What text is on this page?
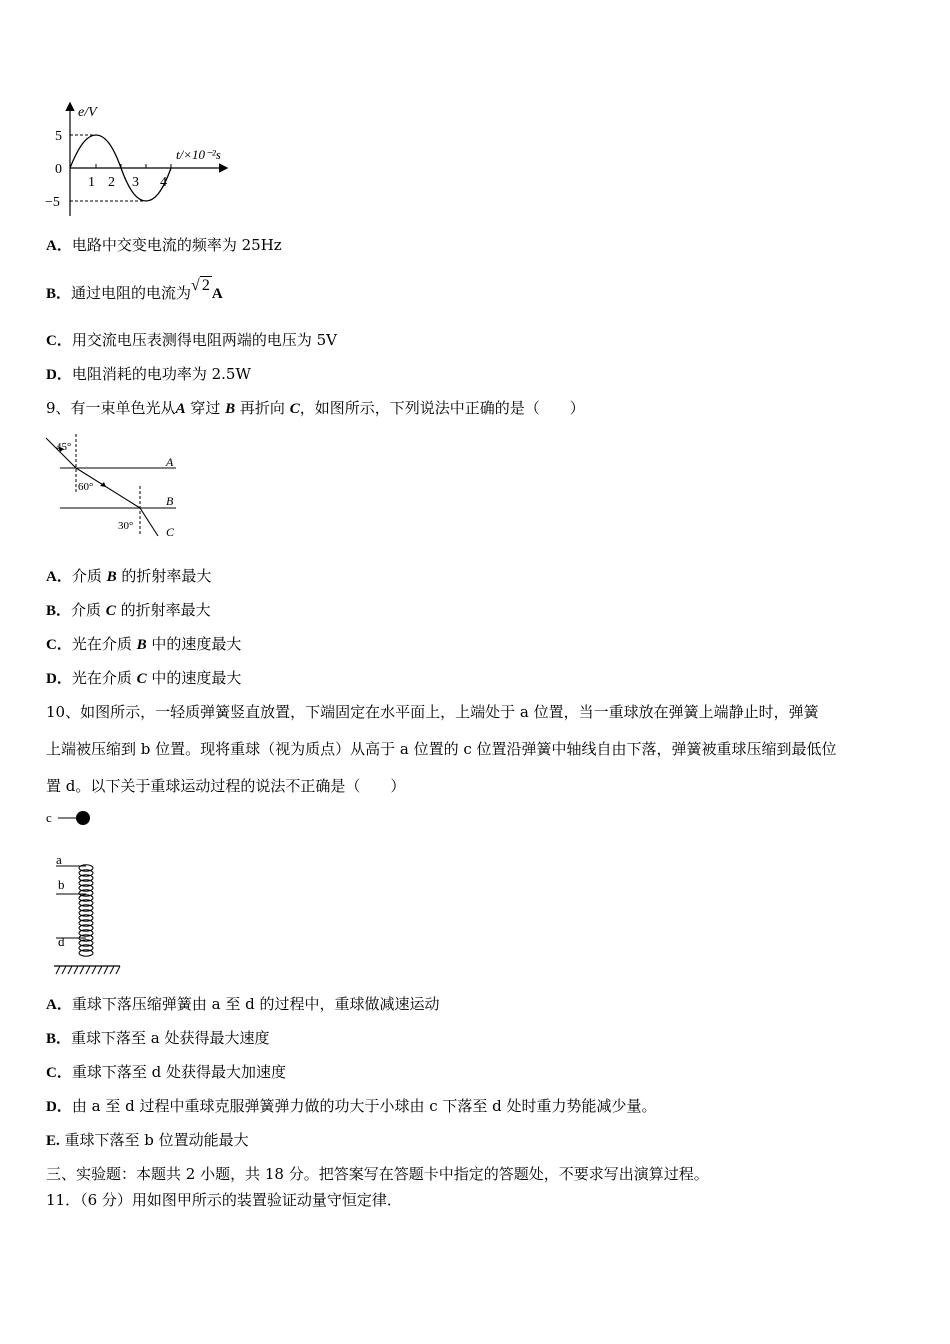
e/V
t/×10⁻²s
5
0
−5
1 2 3 4
A．电路中交变电流的频率为 25Hz
B．通过电阻的电流为√ 2 A
C．用交流电压表测得电阻两端的电压为 5V
D．电阻消耗的电功率为 2.5W
9、有一束单色光从A 穿过 B 再折向 C，如图所示，下列说法中正确的是（　　）
45°
60°
30°
A
B
C
A．介质 B 的折射率最大
B．介质 C 的折射率最大
C．光在介质 B 中的速度最大
D．光在介质 C 中的速度最大
10、如图所示，一轻质弹簧竖直放置，下端固定在水平面上，上端处于 a 位置，当一重球放在弹簧上端静止时，弹簧
上端被压缩到 b 位置。现将重球（视为质点）从高于 a 位置的 c 位置沿弹簧中轴线自由下落，弹簧被重球压缩到最低位
置 d。以下关于重球运动过程的说法不正确是（　　）
c
a
b
d
A．重球下落压缩弹簧由 a 至 d 的过程中，重球做减速运动
B．重球下落至 a 处获得最大速度
C．重球下落至 d 处获得最大加速度
D．由 a 至 d 过程中重球克服弹簧弹力做的功大于小球由 c 下落至 d 处时重力势能减少量。
E. 重球下落至 b 位置动能最大
三、实验题：本题共 2 小题，共 18 分。把答案写在答题卡中指定的答题处，不要求写出演算过程。
11．（6 分）用如图甲所示的装置验证动量守恒定律．
